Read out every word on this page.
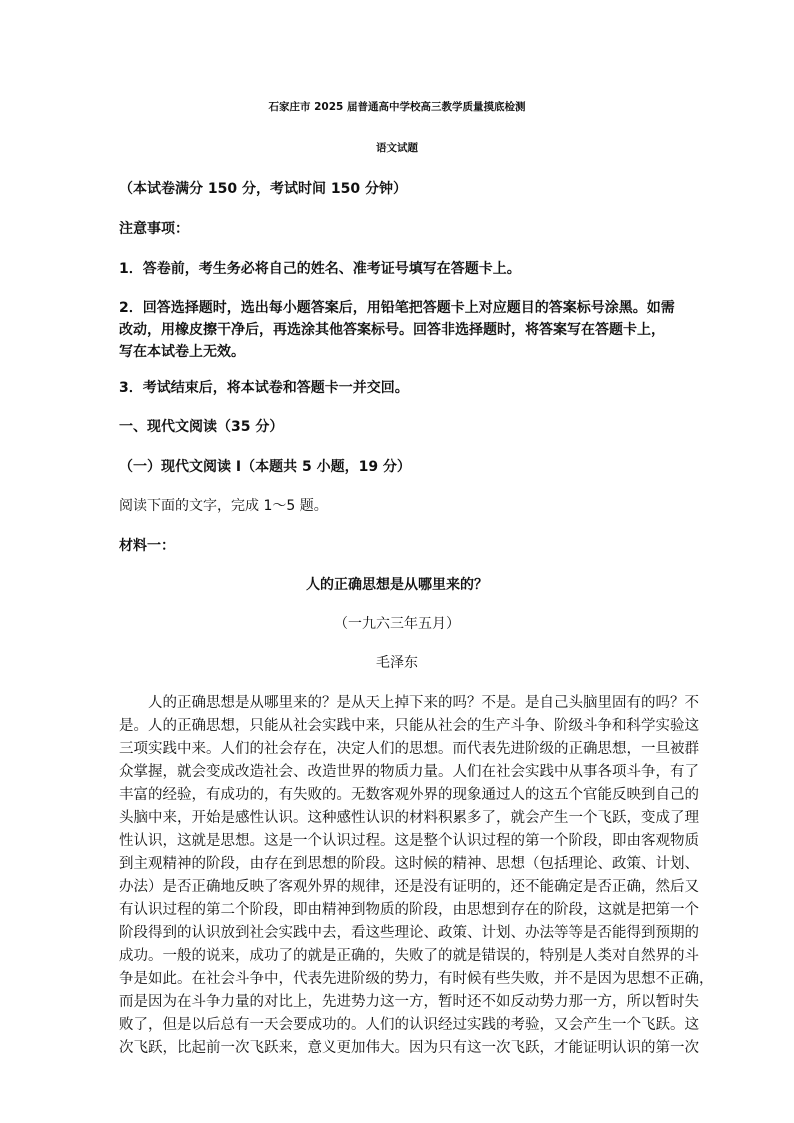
石家庄市 2025 届普通高中学校高三教学质量摸底检测

语文试题

（本试卷满分 150 分，考试时间 150 分钟）

注意事项：

1．答卷前，考生务必将自己的姓名、准考证号填写在答题卡上。

2．回答选择题时，选出每小题答案后，用铅笔把答题卡上对应题目的答案标号涂黑。如需

改动，用橡皮擦干净后，再选涂其他答案标号。回答非选择题时，将答案写在答题卡上，

写在本试卷上无效。

3．考试结束后，将本试卷和答题卡一并交回。

一、现代文阅读（35 分）

（一）现代文阅读 I（本题共 5 小题，19 分）

阅读下面的文字，完成 1～5 题。

材料一：

人的正确思想是从哪里来的？

（一九六三年五月）

毛泽东

人的正确思想是从哪里来的？是从天上掉下来的吗？不是。是自己头脑里固有的吗？不

是。人的正确思想，只能从社会实践中来，只能从社会的生产斗争、阶级斗争和科学实验这

三项实践中来。人们的社会存在，决定人们的思想。而代表先进阶级的正确思想，一旦被群

众掌握，就会变成改造社会、改造世界的物质力量。人们在社会实践中从事各项斗争，有了

丰富的经验，有成功的，有失败的。无数客观外界的现象通过人的这五个官能反映到自己的

头脑中来，开始是感性认识。这种感性认识的材料积累多了，就会产生一个飞跃，变成了理

性认识，这就是思想。这是一个认识过程。这是整个认识过程的第一个阶段，即由客观物质

到主观精神的阶段，由存在到思想的阶段。这时候的精神、思想（包括理论、政策、计划、

办法）是否正确地反映了客观外界的规律，还是没有证明的，还不能确定是否正确，然后又

有认识过程的第二个阶段，即由精神到物质的阶段，由思想到存在的阶段，这就是把第一个

阶段得到的认识放到社会实践中去，看这些理论、政策、计划、办法等等是否能得到预期的

成功。一般的说来，成功了的就是正确的，失败了的就是错误的，特别是人类对自然界的斗

争是如此。在社会斗争中，代表先进阶级的势力，有时候有些失败，并不是因为思想不正确，

而是因为在斗争力量的对比上，先进势力这一方，暂时还不如反动势力那一方，所以暂时失

败了，但是以后总有一天会要成功的。人们的认识经过实践的考验，又会产生一个飞跃。这

次飞跃，比起前一次飞跃来，意义更加伟大。因为只有这一次飞跃，才能证明认识的第一次
